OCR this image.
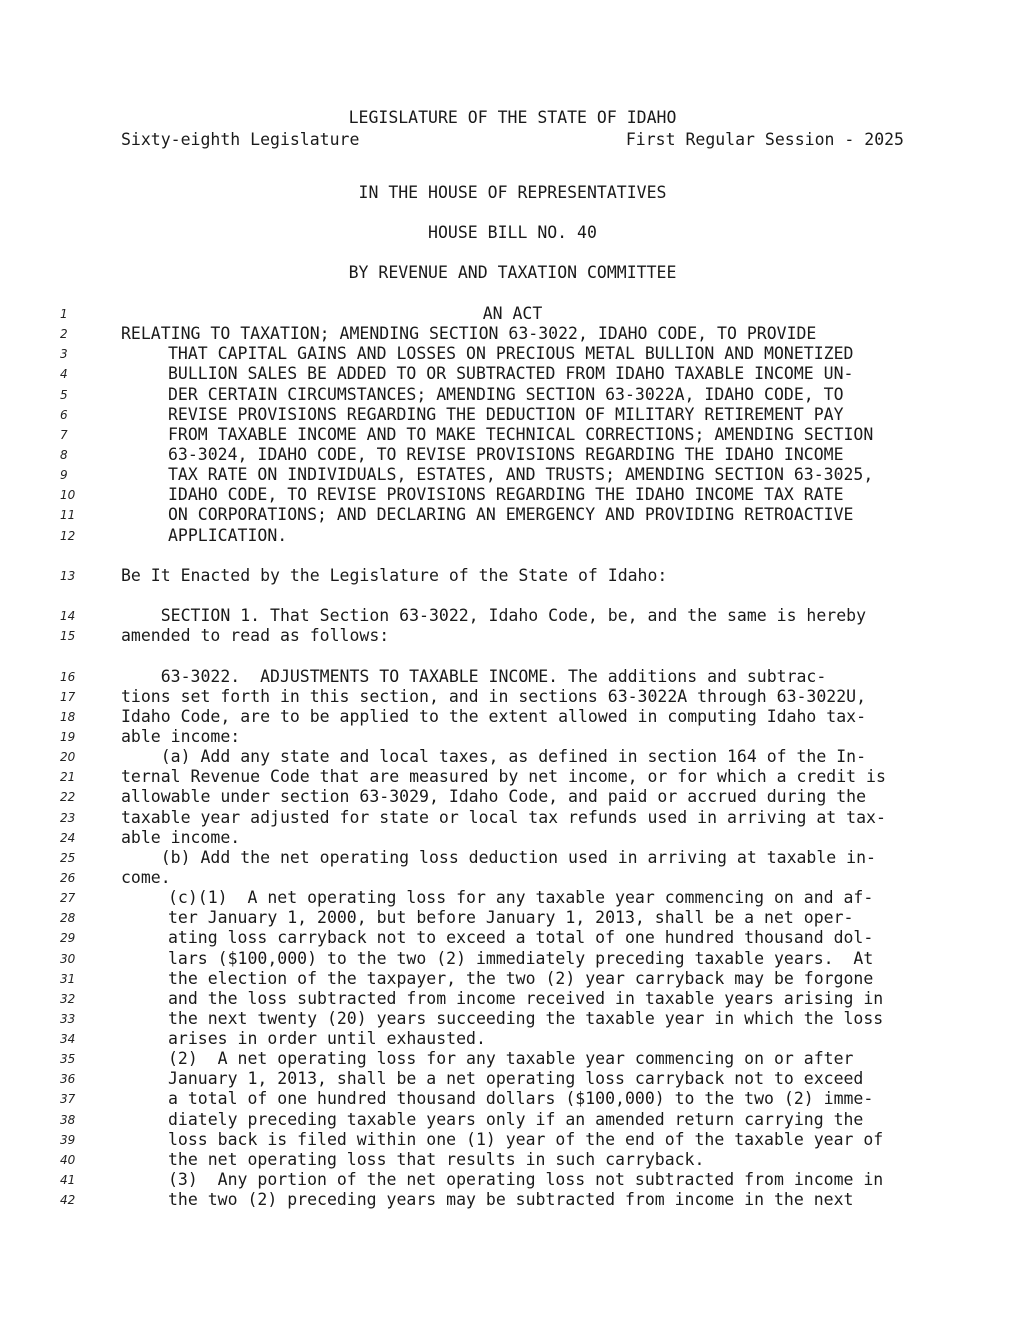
LEGISLATURE OF THE STATE OF IDAHO
Sixty-eighth Legislature	First Regular Session - 2025
IN THE HOUSE OF REPRESENTATIVES
HOUSE BILL NO. 40
BY REVENUE AND TAXATION COMMITTEE
1	AN ACT
2	RELATING TO TAXATION; AMENDING SECTION 63-3022, IDAHO CODE, TO PROVIDE
3	THAT CAPITAL GAINS AND LOSSES ON PRECIOUS METAL BULLION AND MONETIZED
4	BULLION SALES BE ADDED TO OR SUBTRACTED FROM IDAHO TAXABLE INCOME UN-
5	DER CERTAIN CIRCUMSTANCES; AMENDING SECTION 63-3022A, IDAHO CODE, TO
6	REVISE PROVISIONS REGARDING THE DEDUCTION OF MILITARY RETIREMENT PAY
7	FROM TAXABLE INCOME AND TO MAKE TECHNICAL CORRECTIONS; AMENDING SECTION
8	63-3024, IDAHO CODE, TO REVISE PROVISIONS REGARDING THE IDAHO INCOME
9	TAX RATE ON INDIVIDUALS, ESTATES, AND TRUSTS; AMENDING SECTION 63-3025,
10	IDAHO CODE, TO REVISE PROVISIONS REGARDING THE IDAHO INCOME TAX RATE
11	ON CORPORATIONS; AND DECLARING AN EMERGENCY AND PROVIDING RETROACTIVE
12	APPLICATION.
13	Be It Enacted by the Legislature of the State of Idaho:
14	SECTION 1. That Section 63-3022, Idaho Code, be, and the same is hereby
15	amended to read as follows:
16	63-3022.  ADJUSTMENTS TO TAXABLE INCOME. The additions and subtrac-
17	tions set forth in this section, and in sections 63-3022A through 63-3022U,
18	Idaho Code, are to be applied to the extent allowed in computing Idaho tax-
19	able income:
20	(a) Add any state and local taxes, as defined in section 164 of the In-
21	ternal Revenue Code that are measured by net income, or for which a credit is
22	allowable under section 63-3029, Idaho Code, and paid or accrued during the
23	taxable year adjusted for state or local tax refunds used in arriving at tax-
24	able income.
25	(b) Add the net operating loss deduction used in arriving at taxable in-
26	come.
27	(c)(1)  A net operating loss for any taxable year commencing on and af-
28	ter January 1, 2000, but before January 1, 2013, shall be a net oper-
29	ating loss carryback not to exceed a total of one hundred thousand dol-
30	lars ($100,000) to the two (2) immediately preceding taxable years.  At
31	the election of the taxpayer, the two (2) year carryback may be forgone
32	and the loss subtracted from income received in taxable years arising in
33	the next twenty (20) years succeeding the taxable year in which the loss
34	arises in order until exhausted.
35	(2)  A net operating loss for any taxable year commencing on or after
36	January 1, 2013, shall be a net operating loss carryback not to exceed
37	a total of one hundred thousand dollars ($100,000) to the two (2) imme-
38	diately preceding taxable years only if an amended return carrying the
39	loss back is filed within one (1) year of the end of the taxable year of
40	the net operating loss that results in such carryback.
41	(3)  Any portion of the net operating loss not subtracted from income in
42	the two (2) preceding years may be subtracted from income in the next
